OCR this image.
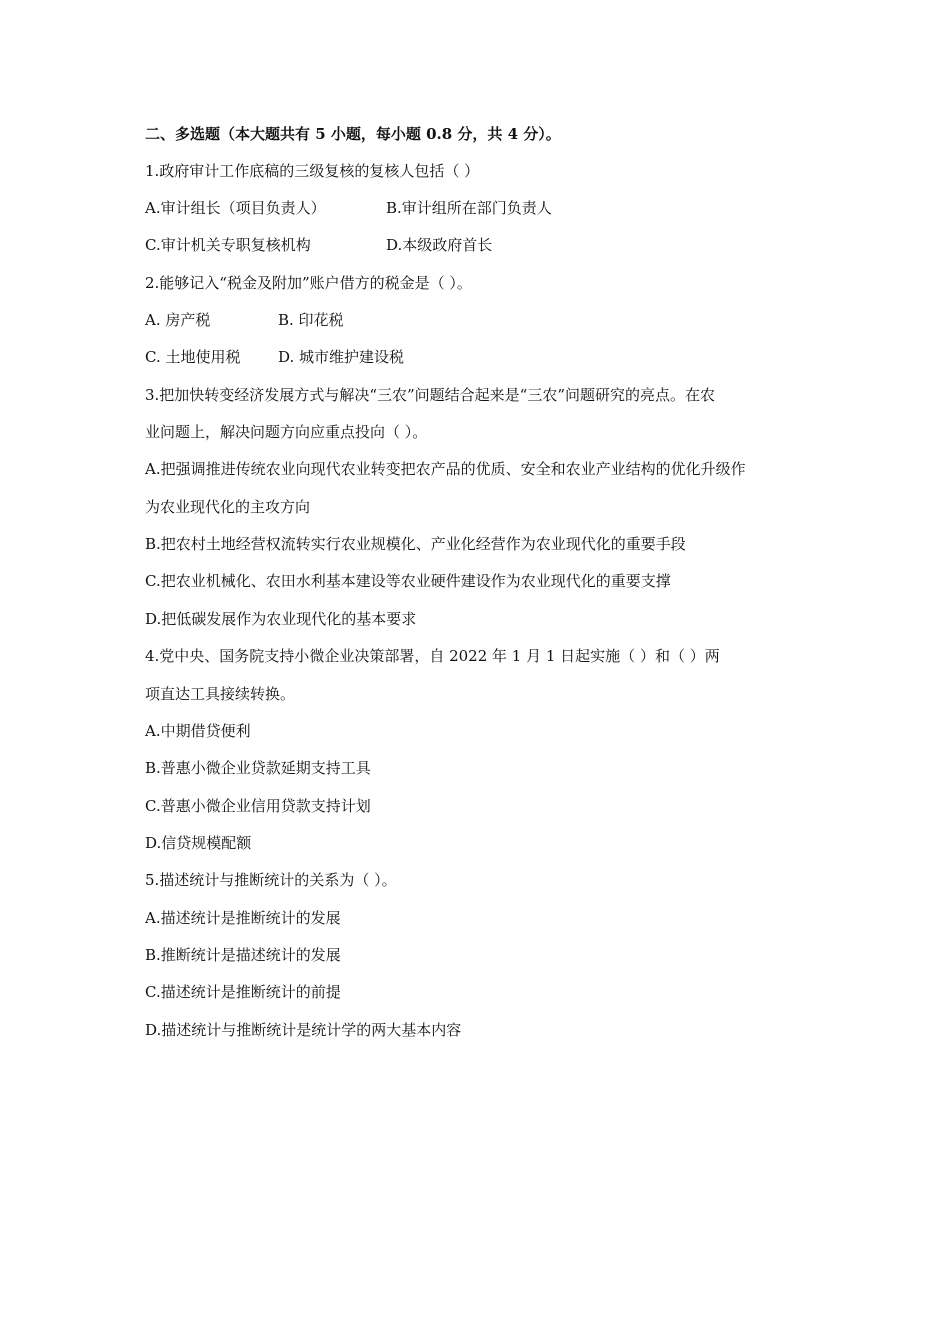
二、多选题（本大题共有 5 小题，每小题 0.8 分，共 4 分）。
1.政府审计工作底稿的三级复核的复核人包括（ ）
A.审计组长（项目负责人）	B.审计组所在部门负责人
C.审计机关专职复核机构	D.本级政府首长
2.能够记入“税金及附加”账户借方的税金是（ ）。
A. 房产税	B. 印花税
C. 土地使用税	D. 城市维护建设税
3.把加快转变经济发展方式与解决“三农”问题结合起来是“三农”问题研究的亮点。在农
业问题上，解决问题方向应重点投向（ ）。
A.把强调推进传统农业向现代农业转变把农产品的优质、安全和农业产业结构的优化升级作
为农业现代化的主攻方向
B.把农村土地经营权流转实行农业规模化、产业化经营作为农业现代化的重要手段
C.把农业机械化、农田水利基本建设等农业硬件建设作为农业现代化的重要支撑
D.把低碳发展作为农业现代化的基本要求
4.党中央、国务院支持小微企业决策部署，自 2022 年 1 月 1 日起实施（ ）和（ ）两
项直达工具接续转换。
A.中期借贷便利
B.普惠小微企业贷款延期支持工具
C.普惠小微企业信用贷款支持计划
D.信贷规模配额
5.描述统计与推断统计的关系为（ ）。
A.描述统计是推断统计的发展
B.推断统计是描述统计的发展
C.描述统计是推断统计的前提
D.描述统计与推断统计是统计学的两大基本内容
